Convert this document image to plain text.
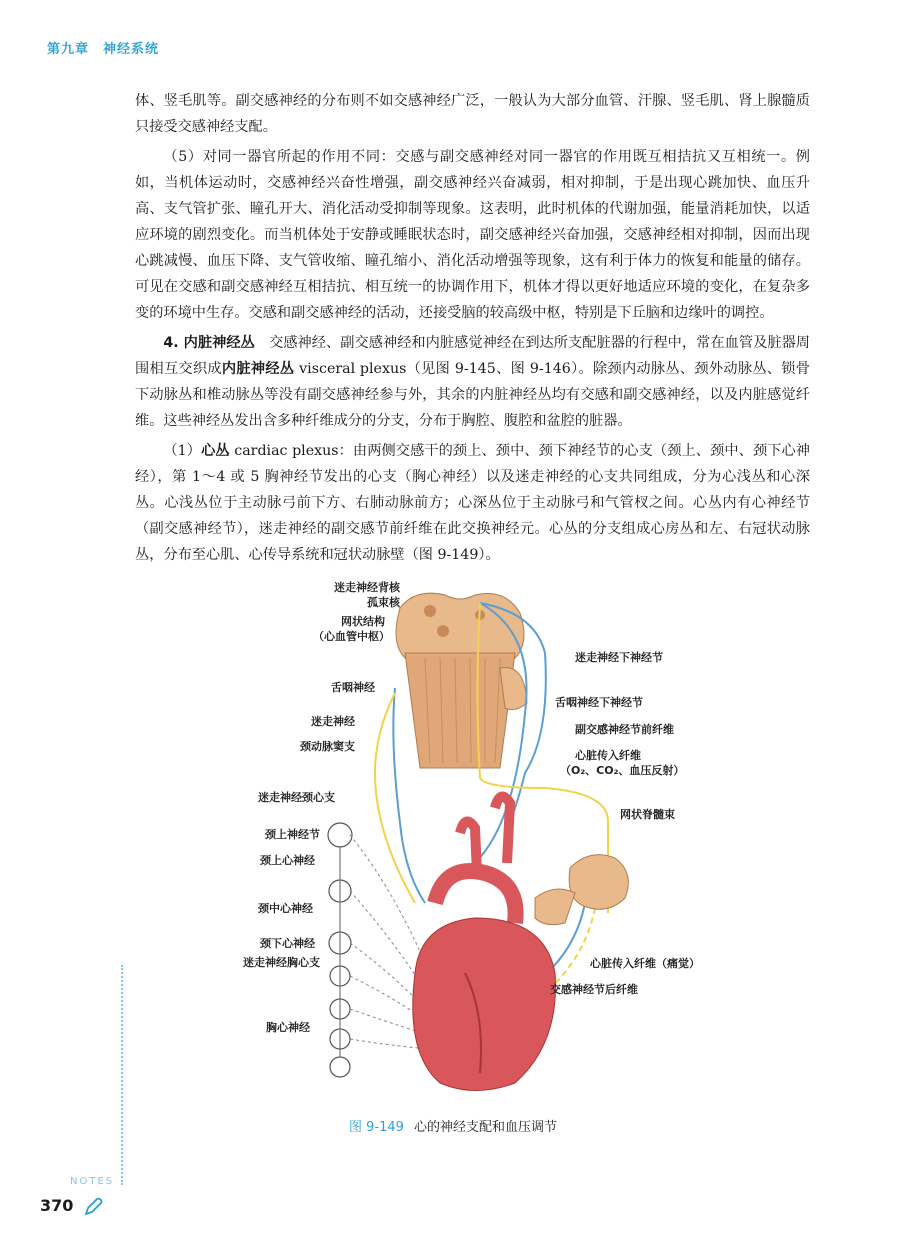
第九章 神经系统

体、竖毛肌等。副交感神经的分布则不如交感神经广泛，一般认为大部分血管、汗腺、竖毛肌、肾上腺髓质只接受交感神经支配。

（5）对同一器官所起的作用不同：交感与副交感神经对同一器官的作用既互相拮抗又互相统一。例如，当机体运动时，交感神经兴奋性增强，副交感神经兴奋减弱，相对抑制，于是出现心跳加快、血压升高、支气管扩张、瞳孔开大、消化活动受抑制等现象。这表明，此时机体的代谢加强，能量消耗加快，以适应环境的剧烈变化。而当机体处于安静或睡眠状态时，副交感神经兴奋加强，交感神经相对抑制，因而出现心跳减慢、血压下降、支气管收缩、瞳孔缩小、消化活动增强等现象，这有利于体力的恢复和能量的储存。可见在交感和副交感神经互相拮抗、相互统一的协调作用下，机体才得以更好地适应环境的变化，在复杂多变的环境中生存。交感和副交感神经的活动，还接受脑的较高级中枢，特别是下丘脑和边缘叶的调控。

4. 内脏神经丛　 交感神经、副交感神经和内脏感觉神经在到达所支配脏器的行程中，常在血管及脏器周围相互交织成内脏神经丛 visceral plexus（见图 9-145、图 9-146）。除颈内动脉丛、颈外动脉丛、锁骨下动脉丛和椎动脉丛等没有副交感神经参与外，其余的内脏神经丛均有交感和副交感神经，以及内脏感觉纤维。这些神经丛发出含多种纤维成分的分支，分布于胸腔、腹腔和盆腔的脏器。

（1）心丛 cardiac plexus：由两侧交感干的颈上、颈中、颈下神经节的心支（颈上、颈中、颈下心神经），第 1～4 或 5 胸神经节发出的心支（胸心神经）以及迷走神经的心支共同组成，分为心浅丛和心深丛。心浅丛位于主动脉弓前下方、右肺动脉前方；心深丛位于主动脉弓和气管杈之间。心丛内有心神经节（副交感神经节），迷走神经的副交感节前纤维在此交换神经元。心丛的分支组成心房丛和左、右冠状动脉丛，分布至心肌、心传导系统和冠状动脉壁（图 9-149）。

迷走神经背核
孤束核
网状结构
（心血管中枢）
舌咽神经
迷走神经
颈动脉窦支
迷走神经颈心支
颈上神经节
颈上心神经
颈中心神经
颈下心神经
迷走神经胸心支
胸心神经
迷走神经下神经节
舌咽神经下神经节
副交感神经节前纤维
心脏传入纤维
（O₂、CO₂、血压反射）
网状脊髓束
心脏传入纤维（痛觉）
交感神经节后纤维
图 9-149 心的神经支配和血压调节
NOTES
370
